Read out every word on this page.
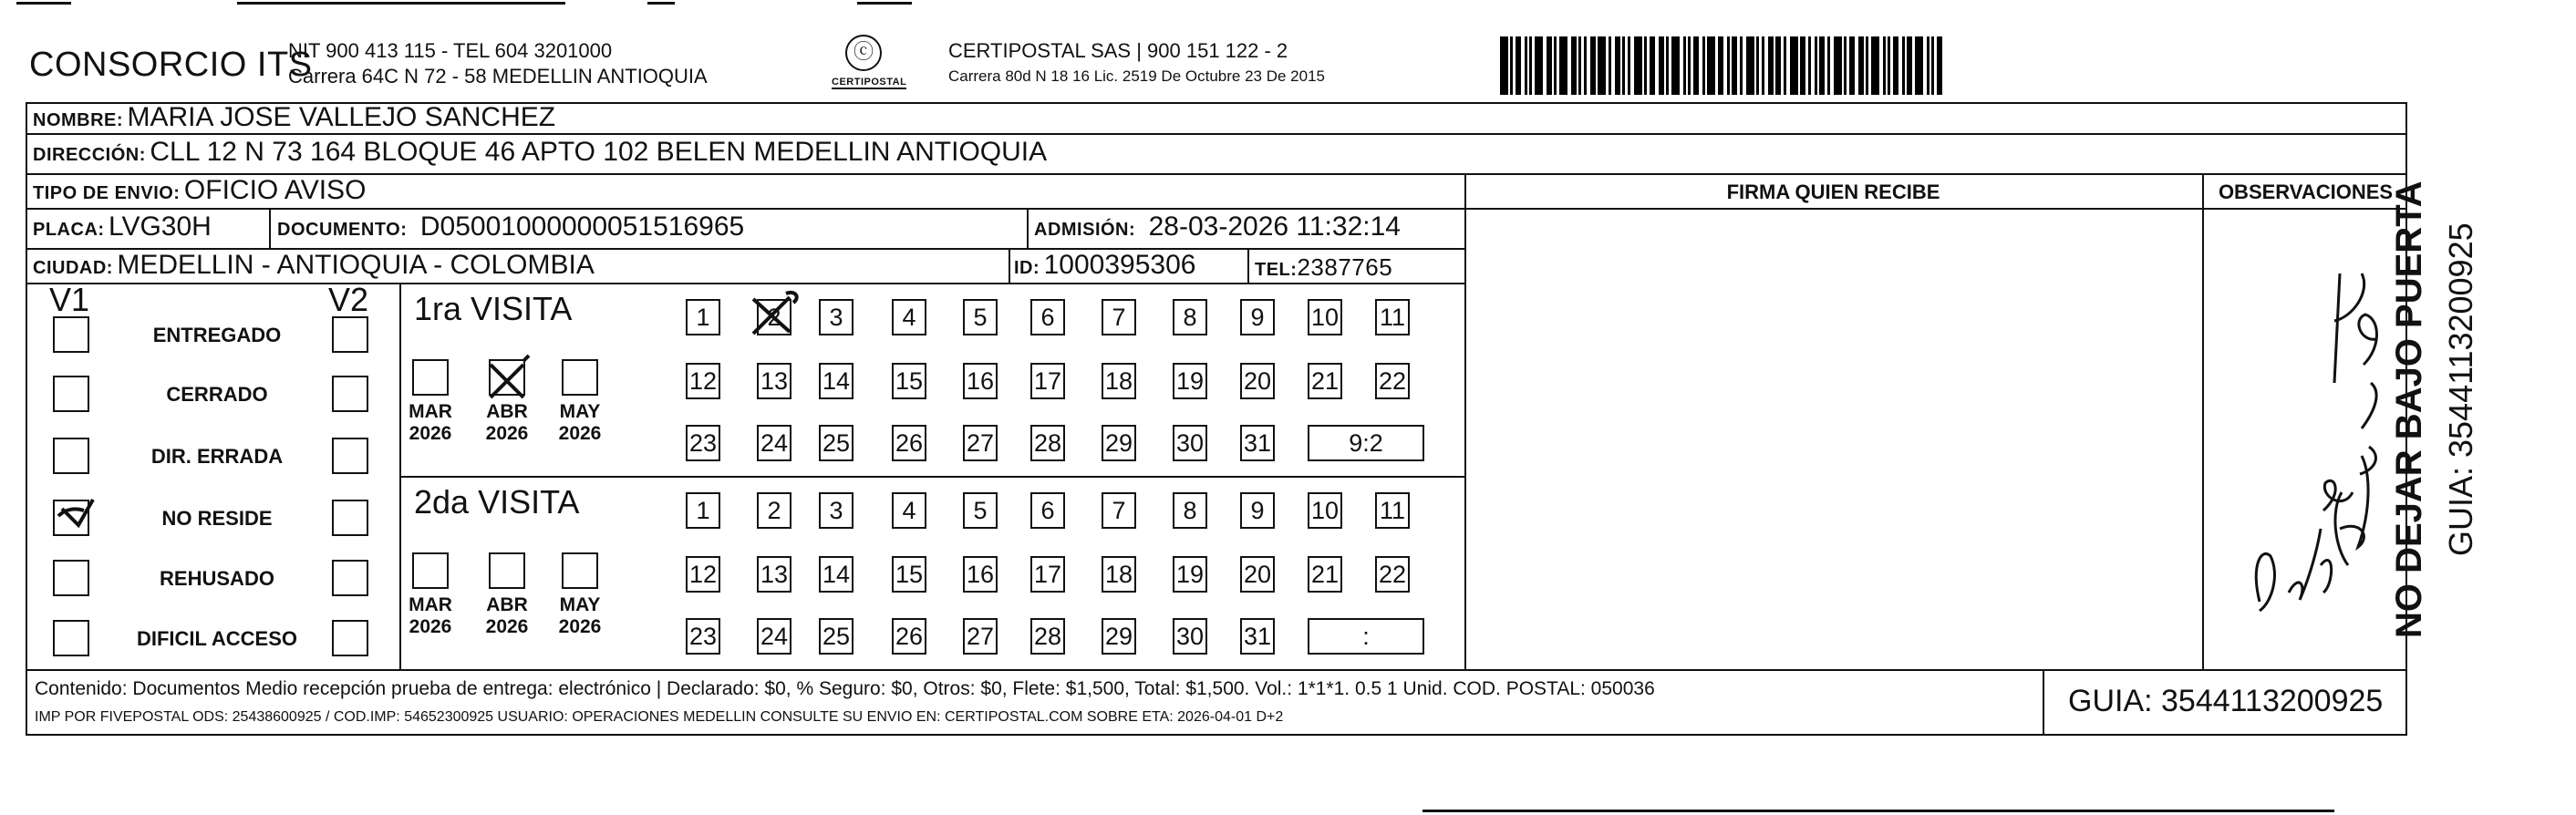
CONSORCIO ITS
NIT 900 413 115 - TEL 604 3201000
Carrera 64C N 72 - 58 MEDELLIN ANTIOQUIA
ⓒ
CERTIPOSTAL
CERTIPOSTAL SAS | 900 151 122 - 2
Carrera 80d N 18 16 Lic. 2519 De Octubre 23 De 2015
NOMBRE: MARIA JOSE VALLEJO SANCHEZ
DIRECCIÓN: CLL 12 N 73 164 BLOQUE 46 APTO 102 BELEN MEDELLIN ANTIOQUIA
TIPO DE ENVIO: OFICIO AVISO
PLACA: LVG30H	DOCUMENTO: D05001000000051516965	ADMISIÓN: 28-03-2026 11:32:14
CIUDAD: MEDELLIN - ANTIOQUIA - COLOMBIA	ID: 1000395306	TEL:2387765
FIRMA QUIEN RECIBE	OBSERVACIONES
V1	V2
ENTREGADO
CERRADO
DIR. ERRADA
NO RESIDE
REHUSADO
DIFICIL ACCESO
1ra VISITA
MAR
2026
ABR
2026
MAY
2026
1	2	3	4	5	6	7	8	9	10 11
12 13 14 15 16 17 18 19 20 21 22
23 24 25 26 27 28 29 30 31	9:2
2da VISITA
MAR
2026
ABR
2026
MAY
2026
1	2	3	4	5	6	7	8	9	10 11
12 13 14 15 16 17 18 19 20 21 22
23 24 25 26 27 28 29 30 31	:
Contenido: Documentos Medio recepción prueba de entrega: electrónico | Declarado: $0, % Seguro: $0, Otros: $0, Flete: $1,500, Total: $1,500. Vol.: 1*1*1. 0.5 1 Unid. COD. POSTAL: 050036
IMP POR FIVEPOSTAL ODS: 25438600925 / COD.IMP: 54652300925 USUARIO: OPERACIONES MEDELLIN CONSULTE SU ENVIO EN: CERTIPOSTAL.COM SOBRE ETA: 2026-04-01 D+2	GUIA: 3544113200925
NO DEJAR BAJO PUERTA GUIA: 3544113200925
